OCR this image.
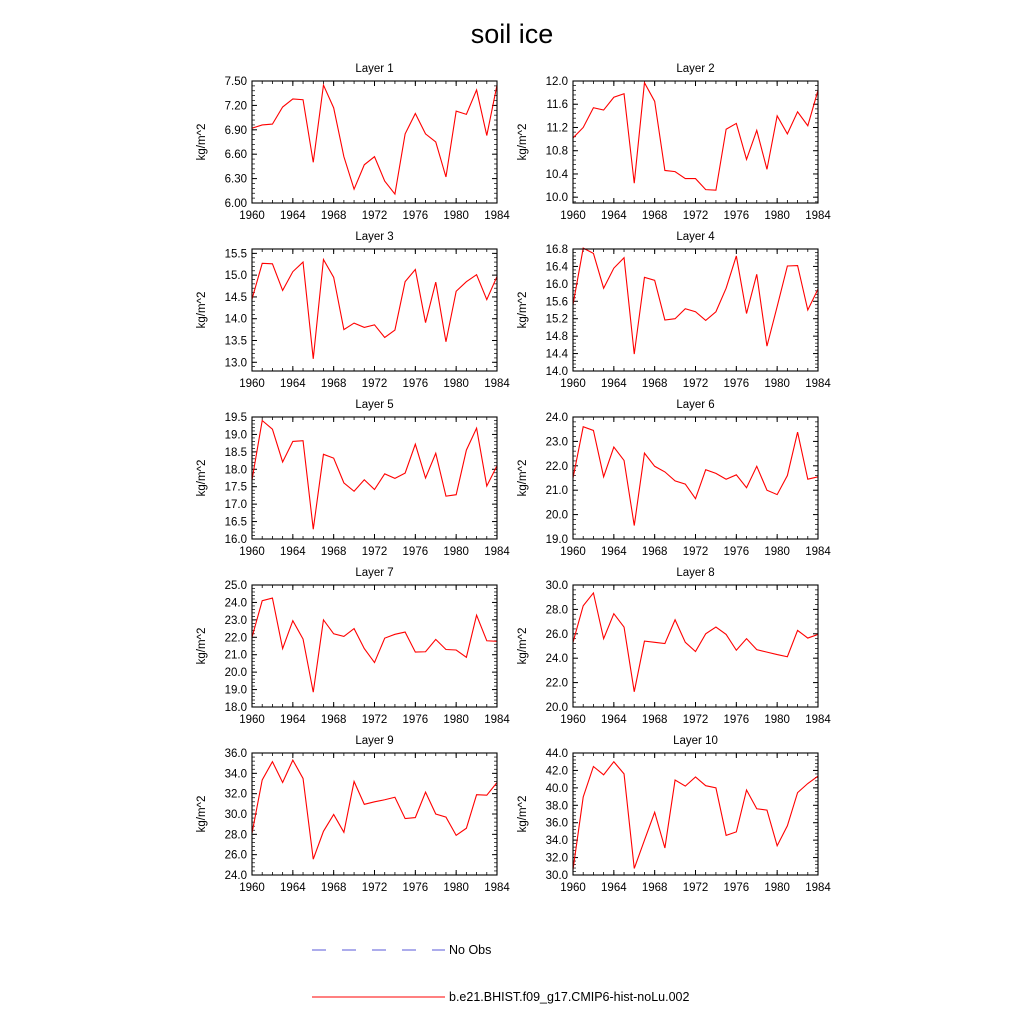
soil ice
Layer 1
kg/m^2
1960 1964 1968 1972 1976 1980 1984
6.00
6.30
6.60
6.90
7.20
7.50
Layer 2
kg/m^2
1960 1964 1968 1972 1976 1980 1984
10.0
10.4
10.8
11.2
11.6
12.0
Layer 3
kg/m^2
1960 1964 1968 1972 1976 1980 1984
13.0
13.5
14.0
14.5
15.0
15.5
Layer 4
kg/m^2
1960 1964 1968 1972 1976 1980 1984
14.0
14.4
14.8
15.2
15.6
16.0
16.4
16.8
Layer 5
kg/m^2
1960 1964 1968 1972 1976 1980 1984
16.0
16.5
17.0
17.5
18.0
18.5
19.0
19.5
Layer 6
kg/m^2
1960 1964 1968 1972 1976 1980 1984
19.0
20.0
21.0
22.0
23.0
24.0
Layer 7
kg/m^2
1960 1964 1968 1972 1976 1980 1984
18.0
19.0
20.0
21.0
22.0
23.0
24.0
25.0
Layer 8
kg/m^2
1960 1964 1968 1972 1976 1980 1984
20.0
22.0
24.0
26.0
28.0
30.0
Layer 9
kg/m^2
1960 1964 1968 1972 1976 1980 1984
24.0
26.0
28.0
30.0
32.0
34.0
36.0
Layer 10
kg/m^2
1960 1964 1968 1972 1976 1980 1984
30.0
32.0
34.0
36.0
38.0
40.0
42.0
44.0
No Obs
b.e21.BHIST.f09_g17.CMIP6-hist-noLu.002
